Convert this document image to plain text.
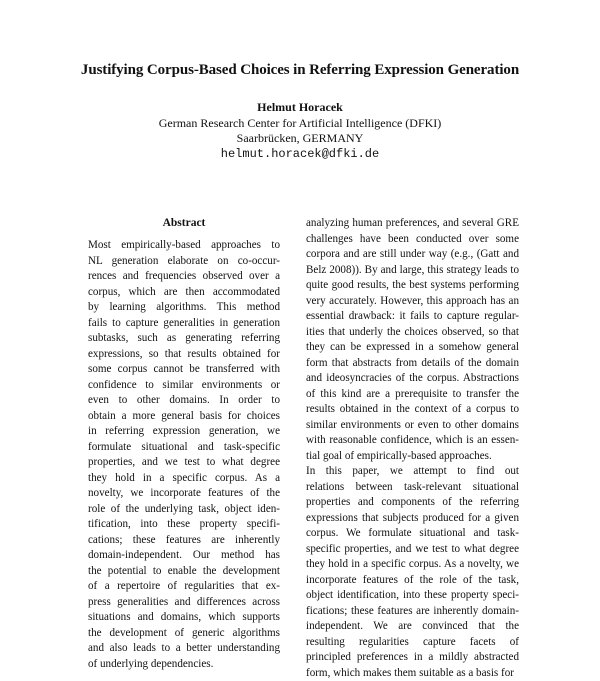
Justifying Corpus-Based Choices in Referring Expression Generation
Helmut Horacek
German Research Center for Artificial Intelligence (DFKI)
Saarbrücken, GERMANY
helmut.horacek@dfki.de
Abstract
Most empirically-based approaches to
NL generation elaborate on co-occur-
rences and frequencies observed over a
corpus, which are then accommodated
by learning algorithms. This method
fails to capture generalities in generation
subtasks, such as generating referring
expressions, so that results obtained for
some corpus cannot be transferred with
confidence to similar environments or
even to other domains. In order to
obtain a more general basis for choices
in referring expression generation, we
formulate situational and task-specific
properties, and we test to what degree
they hold in a specific corpus. As a
novelty, we incorporate features of the
role of the underlying task, object iden-
tification, into these property specifi-
cations; these features are inherently
domain-independent. Our method has
the potential to enable the development
of a repertoire of regularities that ex-
press generalities and differences across
situations and domains, which supports
the development of generic algorithms
and also leads to a better understanding
of underlying dependencies.
analyzing human preferences, and several GRE
challenges have been conducted over some
corpora and are still under way (e.g., (Gatt and
Belz 2008)). By and large, this strategy leads to
quite good results, the best systems performing
very accurately. However, this approach has an
essential drawback: it fails to capture regular-
ities that underly the choices observed, so that
they can be expressed in a somehow general
form that abstracts from details of the domain
and ideosyncracies of the corpus. Abstractions
of this kind are a prerequisite to transfer the
results obtained in the context of a corpus to
similar environments or even to other domains
with reasonable confidence, which is an essen-
tial goal of empirically-based approaches.
In this paper, we attempt to find out
relations between task-relevant situational
properties and components of the referring
expressions that subjects produced for a given
corpus. We formulate situational and task-
specific properties, and we test to what degree
they hold in a specific corpus. As a novelty, we
incorporate features of the role of the task,
object identification, into these property speci-
fications; these features are inherently domain-
independent. We are convinced that the
resulting regularities capture facets of
principled preferences in a mildly abstracted
form, which makes them suitable as a basis for
